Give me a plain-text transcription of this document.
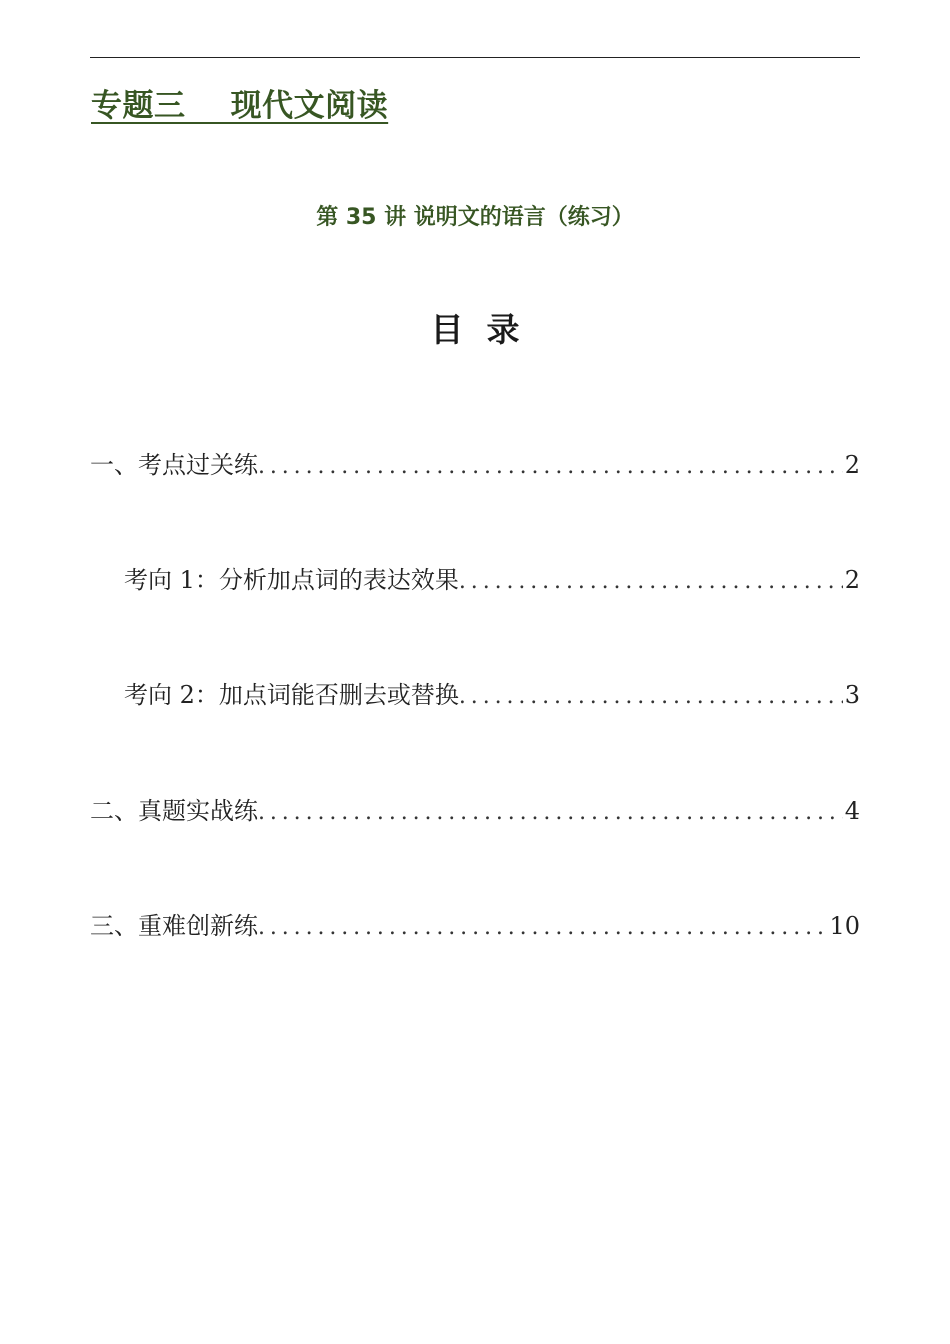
专题三    现代文阅读
第 35 讲 说明文的语言（练习）
目  录
一、考点过关练 .....	2
考向 1：分析加点词的表达效果 .....	2
考向 2：加点词能否删去或替换 .....	3
二、真题实战练 .....	4
三、重难创新练 .....	10
